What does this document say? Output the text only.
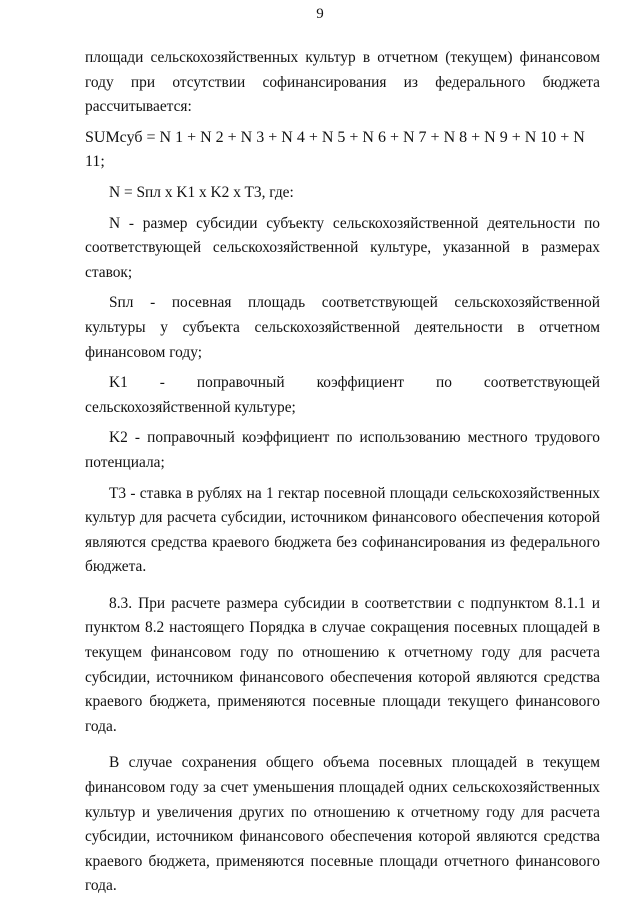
9

площади сельскохозяйственных культур в отчетном (текущем) финансовом году при отсутствии софинансирования из федерального бюджета рассчитывается:

SUMсуб = N 1 + N 2 + N 3 + N 4 + N 5 + N 6 + N 7 + N 8 + N 9 + N 10 + N 11;

N = Sпл x K1 x K2 x T3, где:

N - размер субсидии субъекту сельскохозяйственной деятельности по соответствующей сельскохозяйственной культуре, указанной в размерах ставок;

Sпл - посевная площадь соответствующей сельскохозяйственной культуры у субъекта сельскохозяйственной деятельности в отчетном финансовом году;

K1 - поправочный коэффициент по соответствующей сельскохозяйственной культуре;

K2 - поправочный коэффициент по использованию местного трудового потенциала;

T3 - ставка в рублях на 1 гектар посевной площади сельскохозяйственных культур для расчета субсидии, источником финансового обеспечения которой являются средства краевого бюджета без софинансирования из федерального бюджета.

8.3. При расчете размера субсидии в соответствии с подпунктом 8.1.1 и пунктом 8.2 настоящего Порядка в случае сокращения посевных площадей в текущем финансовом году по отношению к отчетному году для расчета субсидии, источником финансового обеспечения которой являются средства краевого бюджета, применяются посевные площади текущего финансового года.

В случае сохранения общего объема посевных площадей в текущем финансовом году за счет уменьшения площадей одних сельскохозяйственных культур и увеличения других по отношению к отчетному году для расчета субсидии, источником финансового обеспечения которой являются средства краевого бюджета, применяются посевные площади отчетного финансового года.
